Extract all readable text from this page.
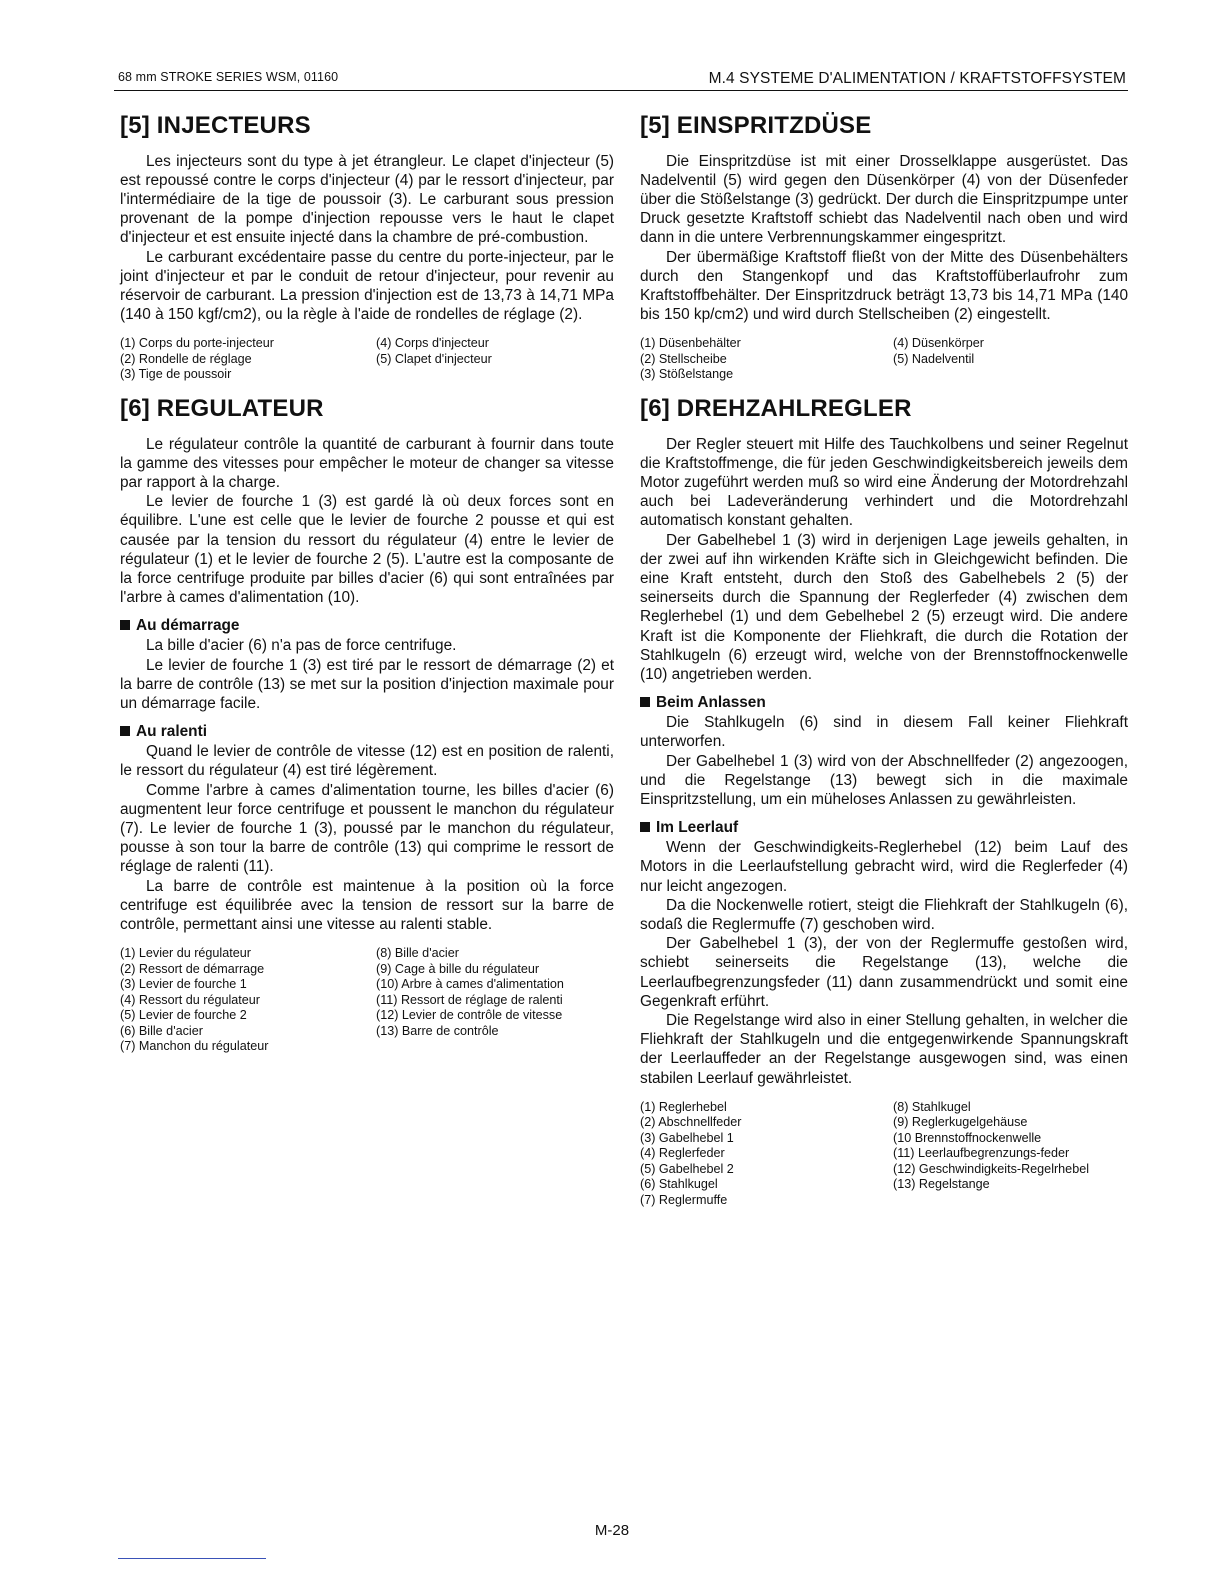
68 mm STROKE SERIES WSM, 01160	M.4 SYSTEME D'ALIMENTATION / KRAFTSTOFFSYSTEM
[5] INJECTEURS

Les injecteurs sont du type à jet étrangleur. Le clapet d'injecteur (5) est repoussé contre le corps d'injecteur (4) par le ressort d'injecteur, par l'intermédiaire de la tige de poussoir (3). Le carburant sous pression provenant de la pompe d'injection repousse vers le haut le clapet d'injecteur et est ensuite injecté dans la chambre de pré-combustion.

Le carburant excédentaire passe du centre du porte-injecteur, par le joint d'injecteur et par le conduit de retour d'injecteur, pour revenir au réservoir de carburant. La pression d'injection est de 13,73 à 14,71 MPa (140 à 150 kgf/cm2), ou la règle à l'aide de rondelles de réglage (2).

(1) Corps du porte-injecteur
(2) Rondelle de réglage
(3) Tige de poussoir
(4) Corps d'injecteur
(5) Clapet d'injecteur
[6] REGULATEUR

Le régulateur contrôle la quantité de carburant à fournir dans toute la gamme des vitesses pour empêcher le moteur de changer sa vitesse par rapport à la charge.

Le levier de fourche 1 (3) est gardé là où deux forces sont en équilibre. L'une est celle que le levier de fourche 2 pousse et qui est causée par la tension du ressort du régulateur (4) entre le levier de régulateur (1) et le levier de fourche 2 (5). L'autre est la composante de la force centrifuge produite par billes d'acier (6) qui sont entraînées par l'arbre à cames d'alimentation (10).

Au démarrage

La bille d'acier (6) n'a pas de force centrifuge.

Le levier de fourche 1 (3) est tiré par le ressort de démarrage (2) et la barre de contrôle (13) se met sur la position d'injection maximale pour un démarrage facile.

Au ralenti

Quand le levier de contrôle de vitesse (12) est en position de ralenti, le ressort du régulateur (4) est tiré légèrement.

Comme l'arbre à cames d'alimentation tourne, les billes d'acier (6) augmentent leur force centrifuge et poussent le manchon du régulateur (7). Le levier de fourche 1 (3), poussé par le manchon du régulateur, pousse à son tour la barre de contrôle (13) qui comprime le ressort de réglage de ralenti (11).

La barre de contrôle est maintenue à la position où la force centrifuge est équilibrée avec la tension de ressort sur la barre de contrôle, permettant ainsi une vitesse au ralenti stable.

(1) Levier du régulateur
(2) Ressort de démarrage
(3) Levier de fourche 1
(4) Ressort du régulateur
(5) Levier de fourche 2
(6) Bille d'acier
(7) Manchon du régulateur
(8) Bille d'acier
(9) Cage à bille du régulateur
(10) Arbre à cames d'alimentation
(11) Ressort de réglage de ralenti
(12) Levier de contrôle de vitesse
(13) Barre de contrôle
[5] EINSPRITZDÜSE

Die Einspritzdüse ist mit einer Drosselklappe ausgerüstet. Das Nadelventil (5) wird gegen den Düsenkörper (4) von der Düsenfeder über die Stößelstange (3) gedrückt. Der durch die Einspritzpumpe unter Druck gesetzte Kraftstoff schiebt das Nadelventil nach oben und wird dann in die untere Verbrennungskammer eingespritzt.

Der übermäßige Kraftstoff fließt von der Mitte des Düsenbehälters durch den Stangenkopf und das Kraftstoffüberlaufrohr zum Kraftstoffbehälter. Der Einspritzdruck beträgt 13,73 bis 14,71 MPa (140 bis 150 kp/cm2) und wird durch Stellscheiben (2) eingestellt.

(1) Düsenbehälter
(2) Stellscheibe
(3) Stößelstange
(4) Düsenkörper
(5) Nadelventil
[6] DREHZAHLREGLER

Der Regler steuert mit Hilfe des Tauchkolbens und seiner Regelnut die Kraftstoffmenge, die für jeden Geschwindigkeitsbereich jeweils dem Motor zugeführt werden muß so wird eine Änderung der Motordrehzahl auch bei Ladeveränderung verhindert und die Motordrehzahl automatisch konstant gehalten.

Der Gabelhebel 1 (3) wird in derjenigen Lage jeweils gehalten, in der zwei auf ihn wirkenden Kräfte sich in Gleichgewicht befinden. Die eine Kraft entsteht, durch den Stoß des Gabelhebels 2 (5) der seinerseits durch die Spannung der Reglerfeder (4) zwischen dem Reglerhebel (1) und dem Gebelhebel 2 (5) erzeugt wird. Die andere Kraft ist die Komponente der Fliehkraft, die durch die Rotation der Stahlkugeln (6) erzeugt wird, welche von der Brennstoffnockenwelle (10) angetrieben werden.

Beim Anlassen

Die Stahlkugeln (6) sind in diesem Fall keiner Fliehkraft unterworfen.

Der Gabelhebel 1 (3) wird von der Abschnellfeder (2) angezoogen, und die Regelstange (13) bewegt sich in die maximale Einspritzstellung, um ein müheloses Anlassen zu gewährleisten.

Im Leerlauf

Wenn der Geschwindigkeits-Reglerhebel (12) beim Lauf des Motors in die Leerlaufstellung gebracht wird, wird die Reglerfeder (4) nur leicht angezogen.

Da die Nockenwelle rotiert, steigt die Fliehkraft der Stahlkugeln (6), sodaß die Reglermuffe (7) geschoben wird.

Der Gabelhebel 1 (3), der von der Reglermuffe gestoßen wird, schiebt seinerseits die Regelstange (13), welche die Leerlaufbegrenzungsfeder (11) dann zusammendrückt und somit eine Gegenkraft erführt.

Die Regelstange wird also in einer Stellung gehalten, in welcher die Fliehkraft der Stahlkugeln und die entgegenwirkende Spannungskraft der Leerlauffeder an der Regelstange ausgewogen sind, was einen stabilen Leerlauf gewährleistet.

(1) Reglerhebel
(2) Abschnellfeder
(3) Gabelhebel 1
(4) Reglerfeder
(5) Gabelhebel 2
(6) Stahlkugel
(7) Reglermuffe
(8) Stahlkugel
(9) Reglerkugelgehäuse
(10 Brennstoffnockenwelle
(11) Leerlaufbegrenzungs-feder
(12) Geschwindigkeits-Regelrhebel
(13) Regelstange
M-28
